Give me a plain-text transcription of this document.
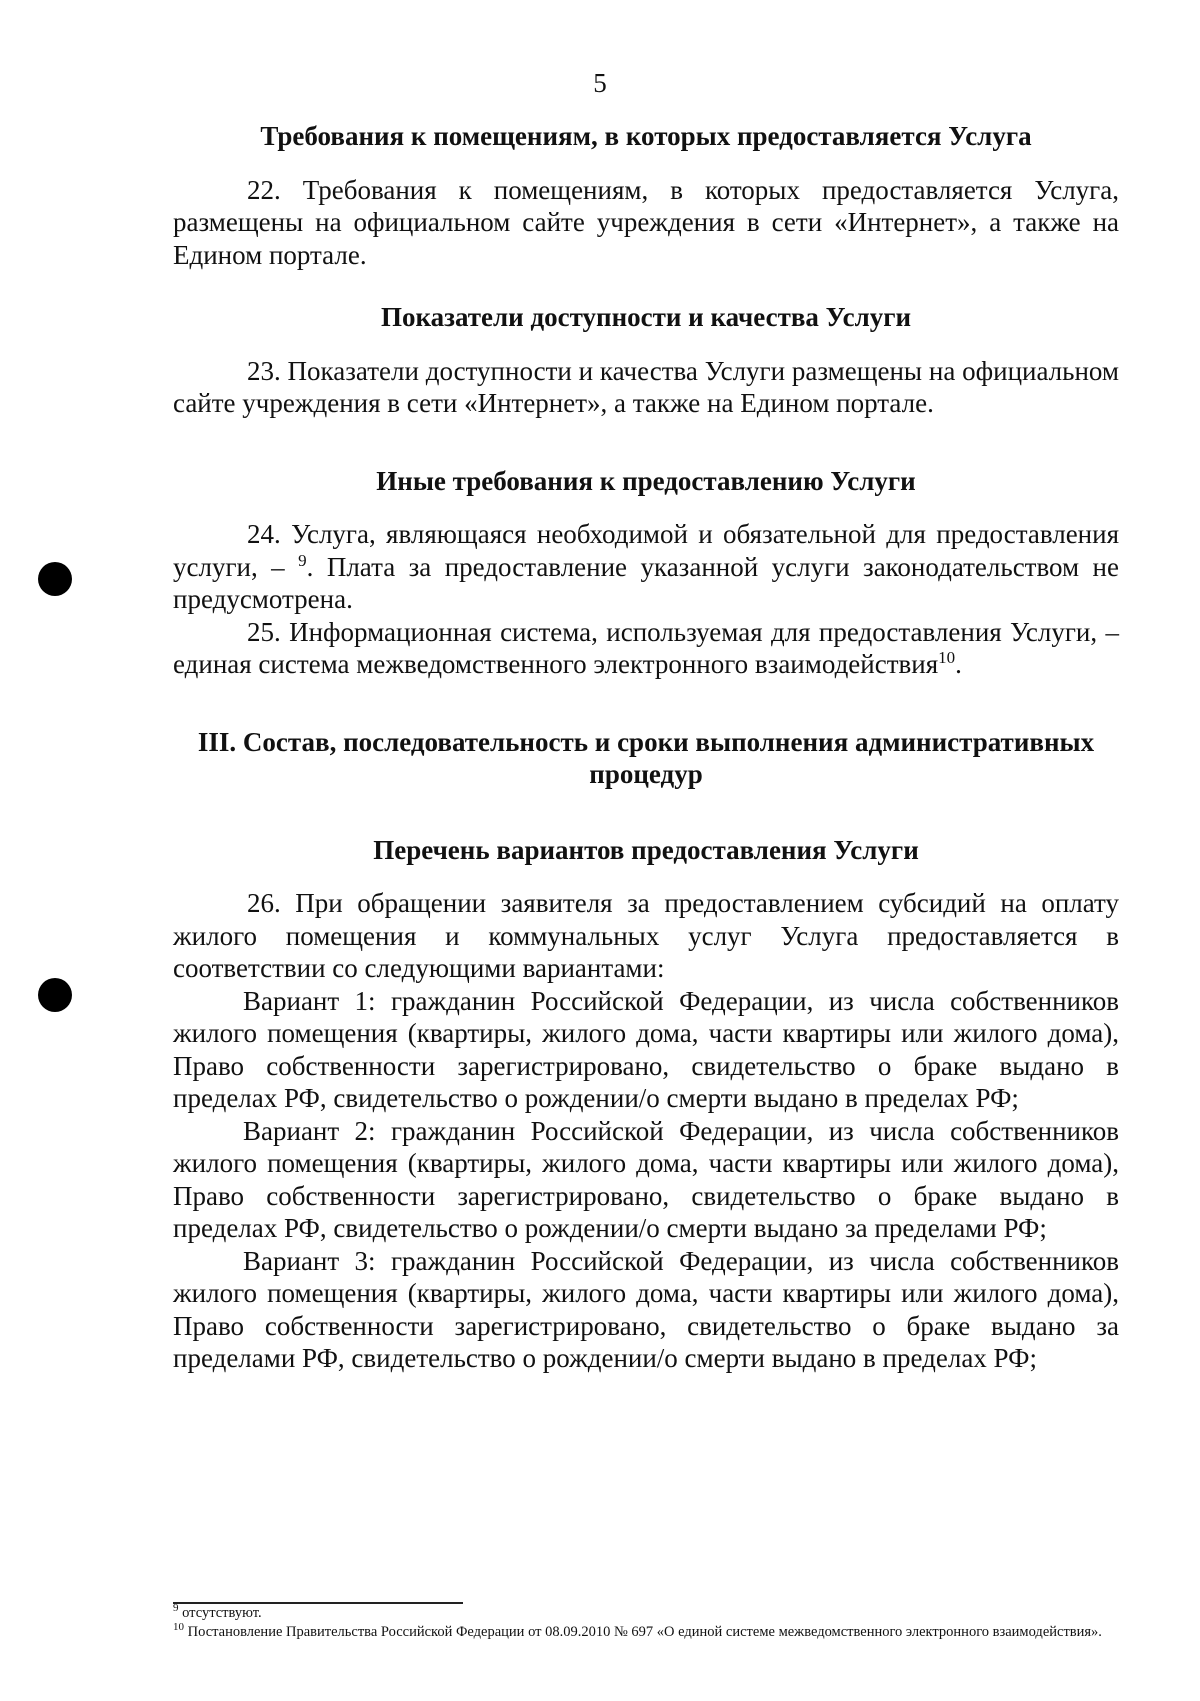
5

Требования к помещениям, в которых предоставляется Услуга

22. Требования к помещениям, в которых предоставляется Услуга, размещены на официальном сайте учреждения в сети «Интернет», а также на Едином портале.

Показатели доступности и качества Услуги

23. Показатели доступности и качества Услуги размещены на официальном сайте учреждения в сети «Интернет», а также на Едином портале.

Иные требования к предоставлению Услуги

24. Услуга, являющаяся необходимой и обязательной для предоставления услуги, – $^9$. Плата за предоставление указанной услуги законодательством не предусмотрена.

25. Информационная система, используемая для предоставления Услуги, – единая система межведомственного электронного взаимодействия$^{10}$.

III. Состав, последовательность и сроки выполнения административных процедур

Перечень вариантов предоставления Услуги

26. При обращении заявителя за предоставлением субсидий на оплату жилого помещения и коммунальных услуг Услуга предоставляется в соответствии со следующими вариантами:

Вариант 1: гражданин Российской Федерации, из числа собственников жилого помещения (квартиры, жилого дома, части квартиры или жилого дома), Право собственности зарегистрировано, свидетельство о браке выдано в пределах РФ, свидетельство о рождении/о смерти выдано в пределах РФ;

Вариант 2: гражданин Российской Федерации, из числа собственников жилого помещения (квартиры, жилого дома, части квартиры или жилого дома), Право собственности зарегистрировано, свидетельство о браке выдано в пределах РФ, свидетельство о рождении/о смерти выдано за пределами РФ;

Вариант 3: гражданин Российской Федерации, из числа собственников жилого помещения (квартиры, жилого дома, части квартиры или жилого дома), Право собственности зарегистрировано, свидетельство о браке выдано за пределами РФ, свидетельство о рождении/о смерти выдано в пределах РФ;

$^9$ отсутствуют.

$^{10}$ Постановление Правительства Российской Федерации от 08.09.2010 № 697 «О единой системе межведомственного электронного взаимодействия».
